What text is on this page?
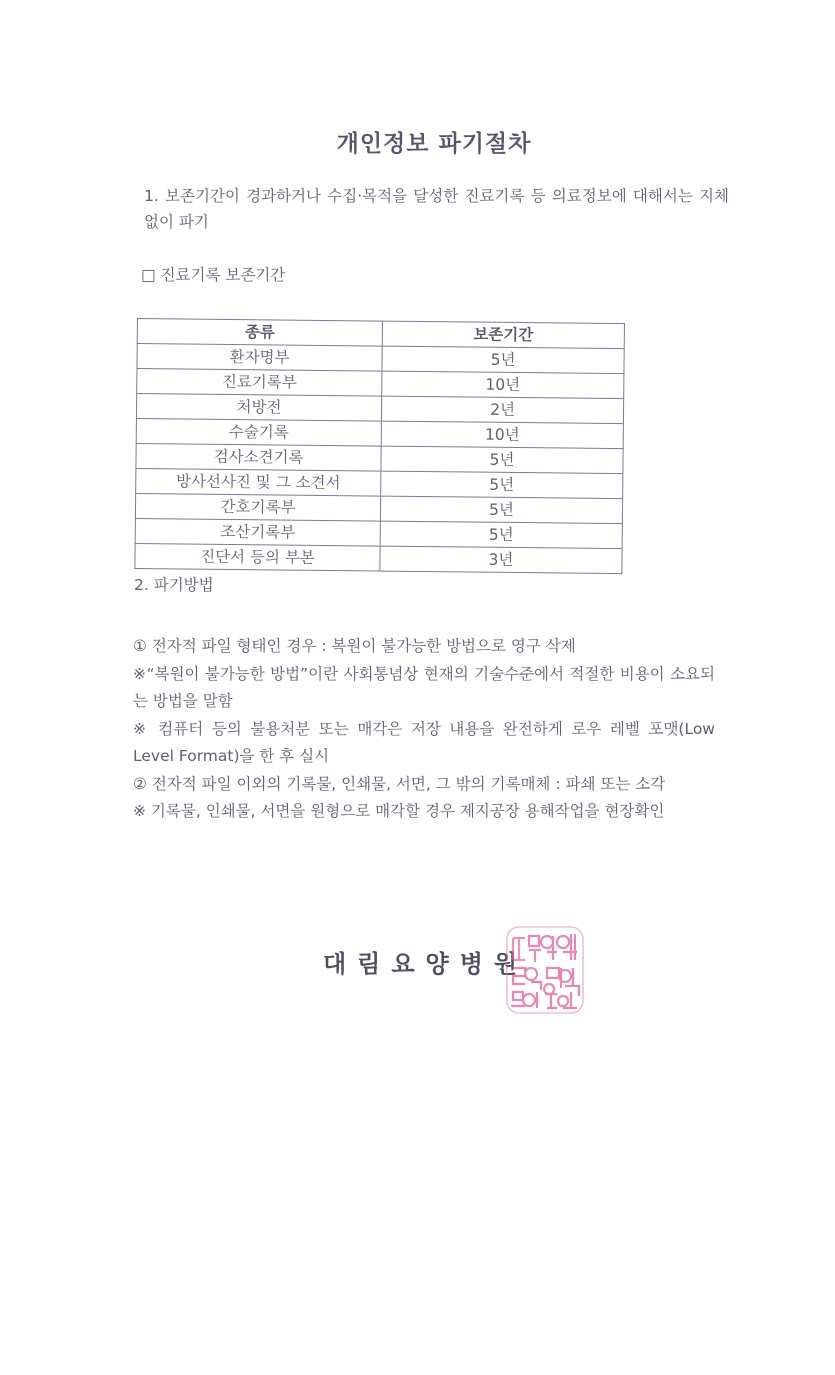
개인정보 파기절차
1. 보존기간이 경과하거나 수집·목적을 달성한 진료기록 등 의료정보에 대해서는 지체 없이 파기
□ 진료기록 보존기간
종류	보존기간
환자명부	5년
진료기록부	10년
처방전	2년
수술기록	10년
검사소견기록	5년
방사선사진 및 그 소견서	5년
간호기록부	5년
조산기록부	5년
진단서 등의 부본	3년
2. 파기방법

① 전자적 파일 형태인 경우 : 복원이 불가능한 방법으로 영구 삭제

※“복원이 불가능한 방법”이란 사회통념상 현재의 기술수준에서 적절한 비용이 소요되는 방법을 말함

※ 컴퓨터 등의 불용처분 또는 매각은 저장 내용을 완전하게 로우 레벨 포맷(Low Level Format)을 한 후 실시

② 전자적 파일 이외의 기록물, 인쇄물, 서면, 그 밖의 기록매체 : 파쇄 또는 소각

※ 기록물, 인쇄물, 서면을 원형으로 매각할 경우 제지공장 용해작업을 현장확인

대림요양병원
